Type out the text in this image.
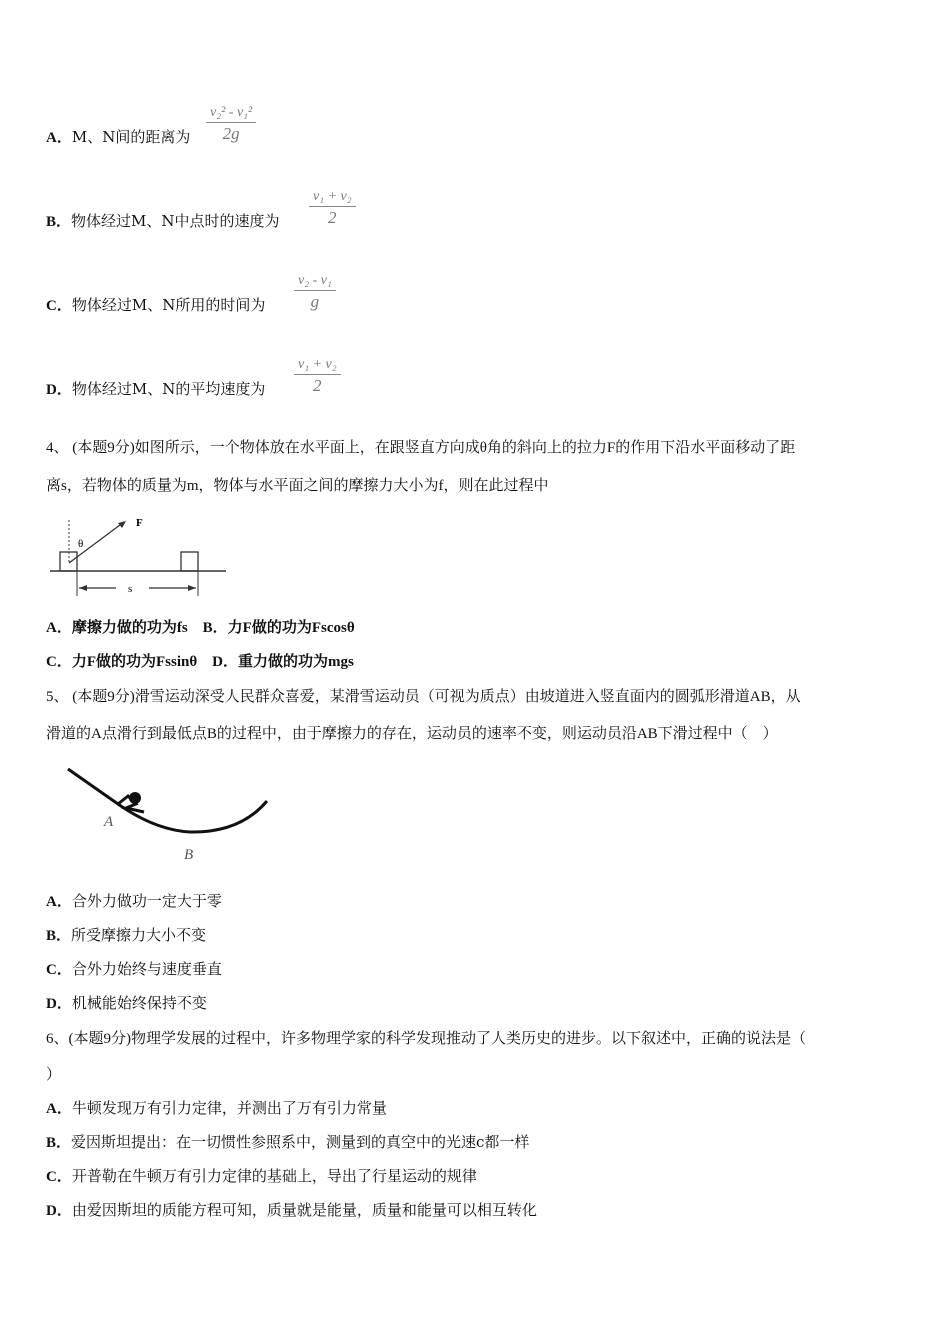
A．M、N间的距离为
v₂² - v₁²
2g
B．物体经过M、N中点时的速度为
v₁ + v₂
2
C．物体经过M、N所用的时间为
v₂ - v₁
g
D．物体经过M、N的平均速度为
v₁ + v₂
2
4、 (本题9分)如图所示，一个物体放在水平面上，在跟竖直方向成θ角的斜向上的拉力F的作用下沿水平面移动了距
离s，若物体的质量为m，物体与水平面之间的摩擦力大小为f，则在此过程中
F
θ
s
A．摩擦力做的功为fs　B．力F做的功为Fscosθ
C．力F做的功为Fssinθ　D．重力做的功为mgs
5、 (本题9分)滑雪运动深受人民群众喜爱，某滑雪运动员（可视为质点）由坡道进入竖直面内的圆弧形滑道AB，从
滑道的A点滑行到最低点B的过程中，由于摩擦力的存在，运动员的速率不变，则运动员沿AB下滑过程中（　）
A
B
A．合外力做功一定大于零
B．所受摩擦力大小不变
C．合外力始终与速度垂直
D．机械能始终保持不变
6、(本题9分)物理学发展的过程中，许多物理学家的科学发现推动了人类历史的进步。以下叙述中，正确的说法是（
）
A．牛顿发现万有引力定律，并测出了万有引力常量
B．爱因斯坦提出：在一切惯性参照系中，测量到的真空中的光速c都一样
C．开普勒在牛顿万有引力定律的基础上，导出了行星运动的规律
D．由爱因斯坦的质能方程可知，质量就是能量，质量和能量可以相互转化
